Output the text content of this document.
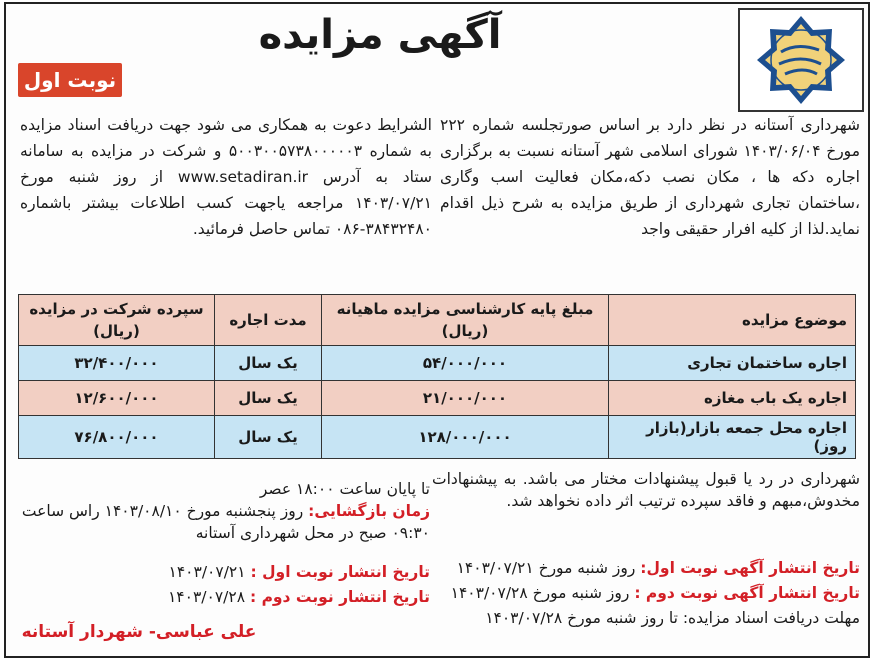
آگهی مزایده
نوبت اول
شهرداری آستانه در نظر دارد بر اساس صورتجلسه شماره ۲۲۲ مورخ ۱۴۰۳/۰۶/۰۴ شورای اسلامی شهر آستانه نسبت به برگزاری اجاره دکه ها ، مکان نصب دکه،مکان فعالیت اسب وگاری ،ساختمان تجاری شهرداری از طریق مزایده به شرح ذیل اقدام نماید.لذا از کلیه افرار حقیقی واجد
الشرایط دعوت به همکاری می شود جهت دریافت اسناد مزایده به شماره ۵۰۰۳۰۰۵۷۳۸۰۰۰۰۰۳ و شرکت در مزایده به سامانه ستاد به آدرس www.setadiran.ir از روز شنبه مورخ ۱۴۰۳/۰۷/۲۱ مراجعه یاجهت کسب اطلاعات بیشتر باشماره ۳۸۴۳۲۴۸۰-۰۸۶ تماس حاصل فرمائید.
موضوع مزایده	مبلغ پایه کارشناسی مزایده ماهیانه (ریال)	مدت اجاره	سپرده شرکت در مزایده (ریال)
اجاره ساختمان تجاری	۵۴/۰۰۰/۰۰۰	یک سال	۳۲/۴۰۰/۰۰۰
اجاره یک باب مغازه	۲۱/۰۰۰/۰۰۰	یک سال	۱۲/۶۰۰/۰۰۰
اجاره محل جمعه بازار(بازار روز)	۱۲۸/۰۰۰/۰۰۰	یک سال	۷۶/۸۰۰/۰۰۰
شهرداری در رد یا قبول پیشنهادات مختار می باشد. به پیشنهادات مخدوش،مبهم و فاقد سپرده ترتیب اثر داده نخواهد شد.
تا پایان ساعت ۱۸:۰۰ عصر
زمان بازگشایی: روز پنجشنبه مورخ ۱۴۰۳/۰۸/۱۰ راس ساعت ۰۹:۳۰ صبح در محل شهرداری آستانه
تاریخ انتشار آگهی نوبت اول: روز شنبه مورخ ۱۴۰۳/۰۷/۲۱
تاریخ انتشار آگهی نوبت دوم : روز شنبه مورخ ۱۴۰۳/۰۷/۲۸
مهلت دریافت اسناد مزایده: تا روز شنبه مورخ ۱۴۰۳/۰۷/۲۸
تاریخ انتشار نوبت اول : ۱۴۰۳/۰۷/۲۱
تاریخ انتشار نوبت دوم : ۱۴۰۳/۰۷/۲۸
علی عباسی- شهردار آستانه
